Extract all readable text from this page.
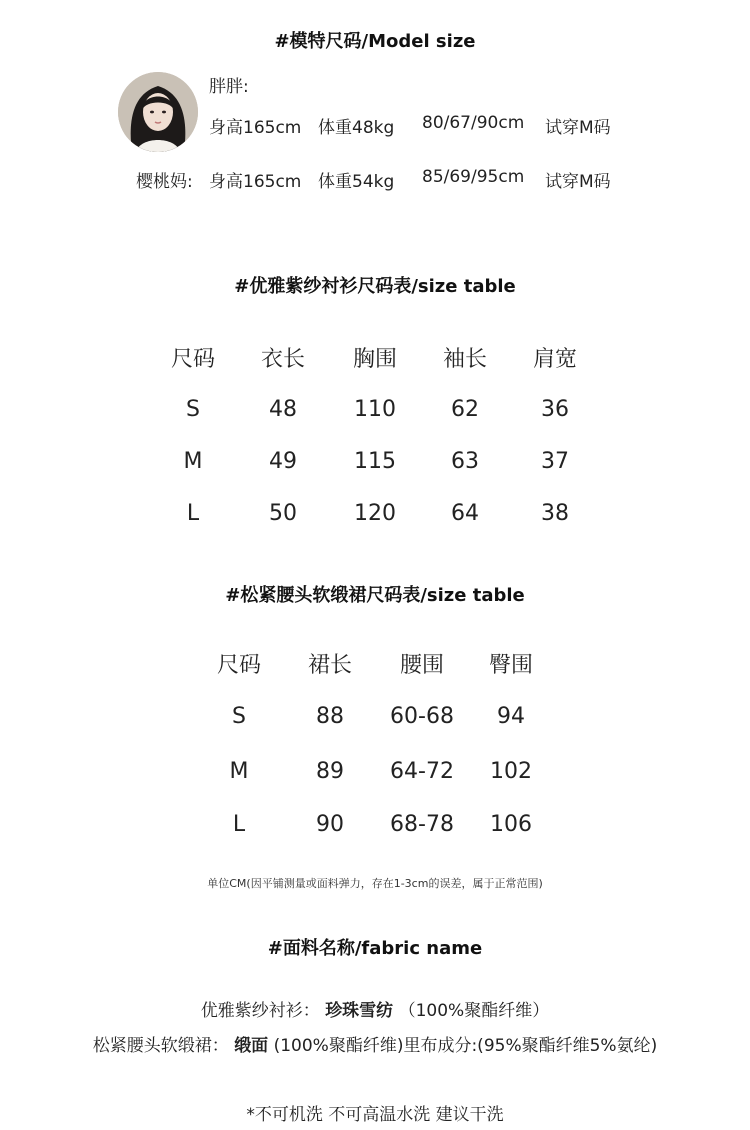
#模特尺码/Model size
胖胖:
身高165cm 体重48kg 80/67/90cm 试穿M码
樱桃妈: 身高165cm 体重54kg 85/69/95cm 试穿M码
#优雅紫纱衬衫尺码表/size table
尺码	衣长	胸围	袖长	肩宽
S	48	110	62	36
M	49	115	63	37
L	50	120	64	38
#松紧腰头软缎裙尺码表/size table
尺码	裙长	腰围	臀围
S	88	60-68	94
M	89	64-72	102
L	90	68-78	106
单位CM(因平铺测量或面料弹力，存在1-3cm的误差，属于正常范围)
#面料名称/fabric name
优雅紫纱衬衫： 珍珠雪纺 （100%聚酯纤维）
松紧腰头软缎裙： 缎面 (100%聚酯纤维)里布成分:(95%聚酯纤维5%氨纶)
*不可机洗 不可高温水洗 建议干洗
